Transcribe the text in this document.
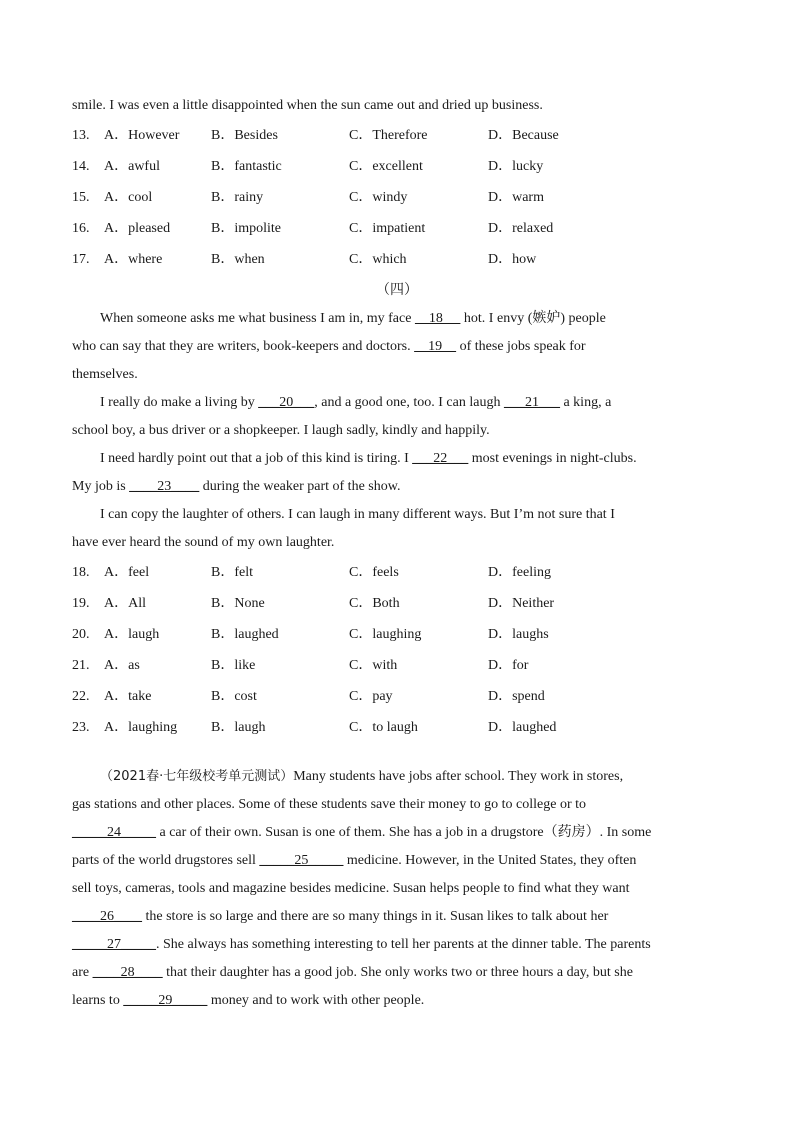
smile. I was even a little disappointed when the sun came out and dried up business.
13. A．However B．Besides	C．Therefore	D．Because
14. A．awful	B．fantastic	C．excellent	D．lucky
15. A．cool	B．rainy	C．windy	D．warm
16. A．pleased	B．impolite	C．impatient	D．relaxed
17. A．where	B．when	C．which	D．how
（四）
When someone asks me what business I am in, my face     18      hot. I envy (嫉妒) people
who can say that they are writers, book-keepers and doctors.     19     of these jobs speak for
themselves.
I really do make a living by ___20___, and a good one, too. I can laugh ___21___ a king, a
school boy, a bus driver or a shopkeeper. I laugh sadly, kindly and happily.
I need hardly point out that a job of this kind is tiring. I ___22___ most evenings in night-clubs.
My job is ____23____ during the weaker part of the show.
I can copy the laughter of others. I can laugh in many different ways. But I’m not sure that I
have ever heard the sound of my own laughter.
18. A．feel	B．felt	C．feels	D．feeling
19. A．All	B．None	C．Both	D．Neither
20. A．laugh	B．laughed	C．laughing	D．laughs
21. A．as	B．like	C．with	D．for
22. A．take	B．cost	C．pay	D．spend
23. A．laughing B．laugh	C．to laugh	D．laughed
（2021春·七年级校考单元测试）Many students have jobs after school. They work in stores,
gas stations and other places. Some of these students save their money to go to college or to
_____24_____ a car of their own. Susan is one of them. She has a job in a drugstore（药房）. In some
parts of the world drugstores sell _____25_____ medicine. However, in the United States, they often
sell toys, cameras, tools and magazine besides medicine. Susan helps people to find what they want
____26____ the store is so large and there are so many things in it. Susan likes to talk about her
_____27_____. She always has something interesting to tell her parents at the dinner table. The parents
are ____28____ that their daughter has a good job. She only works two or three hours a day, but she
learns to _____29_____ money and to work with other people.
